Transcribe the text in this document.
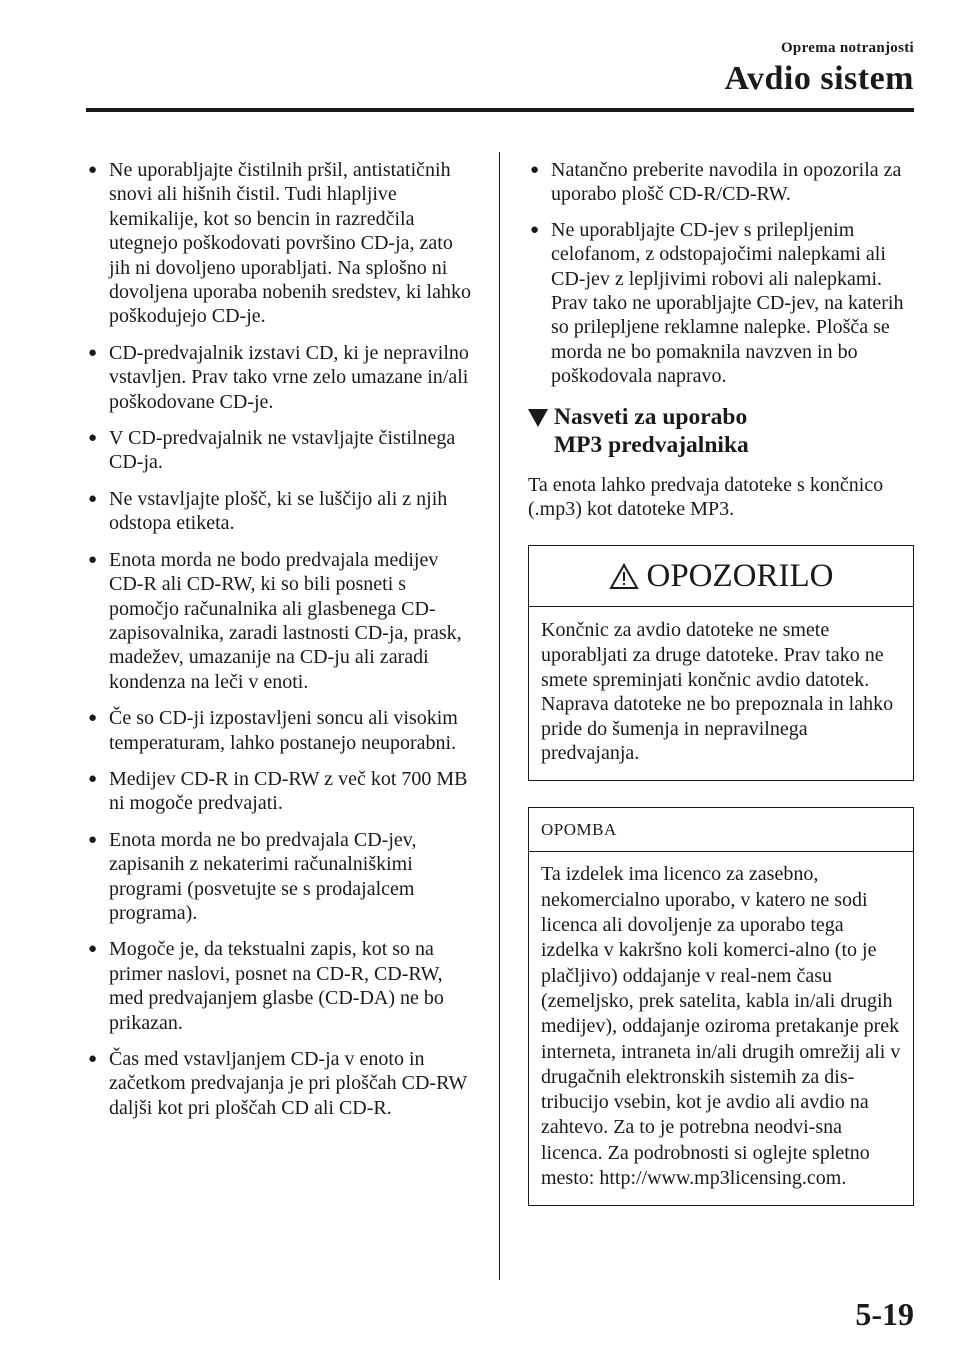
Oprema notranjosti
Avdio sistem
● Ne uporabljajte čistilnih pršil, antistatičnih snovi ali hišnih čistil. Tudi hlapljive kemikalije, kot so bencin in razredčila utegnejo poškodovati površino CD-ja, zato jih ni dovoljeno uporabljati. Na splošno ni dovoljena uporaba nobenih sredstev, ki lahko poškodujejo CD-je.
● CD-predvajalnik izstavi CD, ki je nepravilno vstavljen. Prav tako vrne zelo umazane in/ali poškodovane CD-je.
● V CD-predvajalnik ne vstavljajte čistilnega CD-ja.
● Ne vstavljajte plošč, ki se luščijo ali z njih odstopa etiketa.
● Enota morda ne bodo predvajala medijev CD-R ali CD-RW, ki so bili posneti s pomočjo računalnika ali glasbenega CD-zapisovalnika, zaradi lastnosti CD-ja, prask, madežev, umazanije na CD-ju ali zaradi kondenza na leči v enoti.
● Če so CD-ji izpostavljeni soncu ali visokim temperaturam, lahko postanejo neuporabni.
● Medijev CD-R in CD-RW z več kot 700 MB ni mogoče predvajati.
● Enota morda ne bo predvajala CD-jev, zapisanih z nekaterimi računalniškimi programi (posvetujte se s prodajalcem programa).
● Mogoče je, da tekstualni zapis, kot so na primer naslovi, posnet na CD-R, CD-RW, med predvajanjem glasbe (CD-DA) ne bo prikazan.
● Čas med vstavljanjem CD-ja v enoto in začetkom predvajanja je pri ploščah CD-RW daljši kot pri ploščah CD ali CD-R.
● Natančno preberite navodila in opozorila za uporabo plošč CD-R/CD-RW.
● Ne uporabljajte CD-jev s prilepljenim celofanom, z odstopajočimi nalepkami ali CD-jev z lepljivimi robovi ali nalepkami. Prav tako ne uporabljajte CD-jev, na katerih so prilepljene reklamne nalepke. Plošča se morda ne bo pomaknila navzven in bo poškodovala napravo.
Nasveti za uporabo
MP3 predvajalnika
Ta enota lahko predvaja datoteke s končnico (.mp3) kot datoteke MP3.
OPOZORILO
Končnic za avdio datoteke ne smete uporabljati za druge datoteke. Prav tako ne smete spreminjati končnic avdio datotek. Naprava datoteke ne bo prepoznala in lahko pride do šumenja in nepravilnega predvajanja.
OPOMBA
Ta izdelek ima licenco za zasebno, nekomercialno uporabo, v katero ne sodi licenca ali dovoljenje za uporabo tega izdelka v kakršno koli komerci-alno (to je plačljivo) oddajanje v real-nem času (zemeljsko, prek satelita, kabla in/ali drugih medijev), oddajanje oziroma pretakanje prek interneta, intraneta in/ali drugih omrežij ali v drugačnih elektronskih sistemih za dis-tribucijo vsebin, kot je avdio ali avdio na zahtevo. Za to je potrebna neodvi-sna licenca. Za podrobnosti si oglejte spletno mesto: http://www.mp3licensing.com.
5-19
